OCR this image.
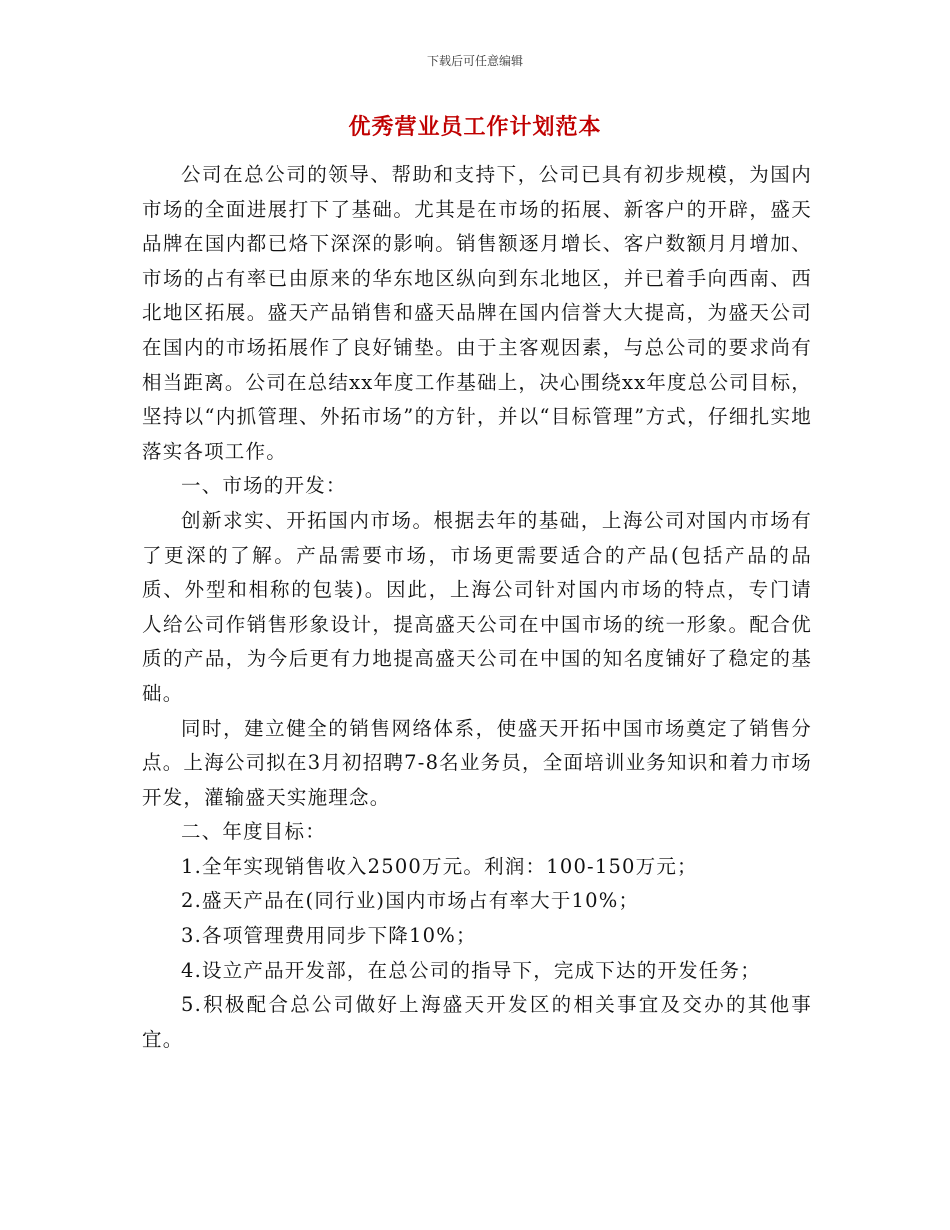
下载后可任意编辑
优秀营业员工作计划范本

公司在总公司的领导、帮助和支持下，公司已具有初步规模，为国内市场的全面进展打下了基础。尤其是在市场的拓展、新客户的开辟，盛天品牌在国内都已烙下深深的影响。销售额逐月增长、客户数额月月增加、市场的占有率已由原来的华东地区纵向到东北地区，并已着手向西南、西北地区拓展。盛天产品销售和盛天品牌在国内信誉大大提高，为盛天公司在国内的市场拓展作了良好铺垫。由于主客观因素，与总公司的要求尚有相当距离。公司在总结xx年度工作基础上，决心围绕xx年度总公司目标，坚持以“内抓管理、外拓市场”的方针，并以“目标管理”方式，仔细扎实地落实各项工作。

一、市场的开发：

创新求实、开拓国内市场。根据去年的基础，上海公司对国内市场有了更深的了解。产品需要市场，市场更需要适合的产品(包括产品的品质、外型和相称的包装)。因此，上海公司针对国内市场的特点，专门请人给公司作销售形象设计，提高盛天公司在中国市场的统一形象。配合优质的产品，为今后更有力地提高盛天公司在中国的知名度铺好了稳定的基础。

同时，建立健全的销售网络体系，使盛天开拓中国市场奠定了销售分点。上海公司拟在3月初招聘7-8名业务员，全面培训业务知识和着力市场开发，灌输盛天实施理念。

二、年度目标：

1.全年实现销售收入2500万元。利润：100-150万元；

2.盛天产品在(同行业)国内市场占有率大于10%；

3.各项管理费用同步下降10%；

4.设立产品开发部，在总公司的指导下，完成下达的开发任务；

5.积极配合总公司做好上海盛天开发区的相关事宜及交办的其他事宜。
